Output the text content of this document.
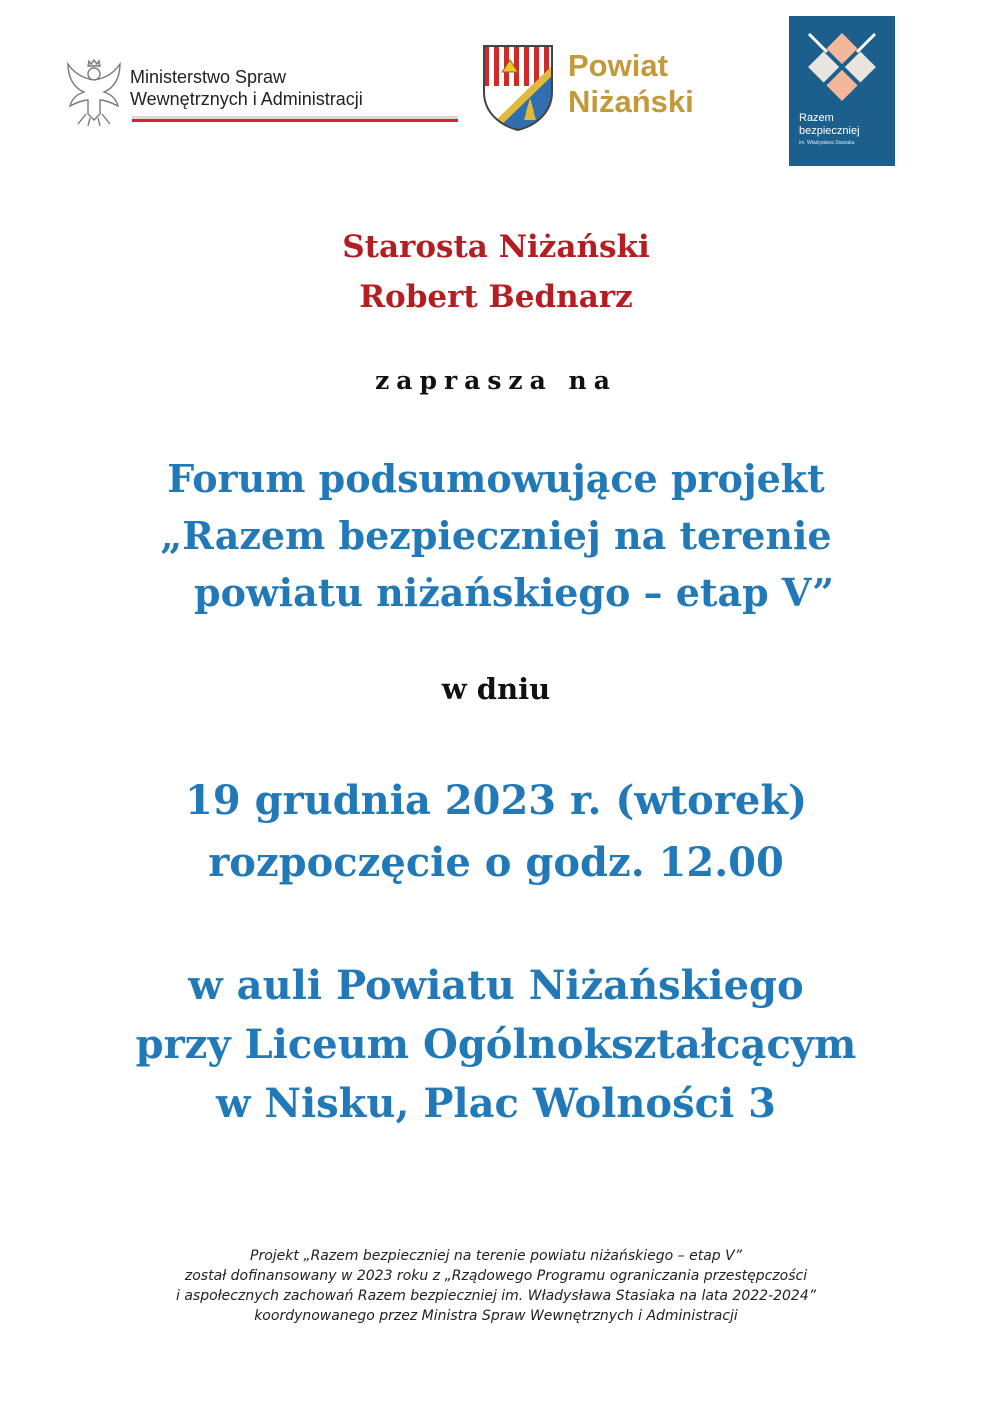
Ministerstwo Spraw
Wewnętrznych i Administracji
Powiat
Niżański	Razem
bezpieczniej
im. Władysława Stasiaka
Starosta Niżański
Robert Bednarz
zaprasza na
Forum podsumowujące projekt
„Razem bezpieczniej na terenie
powiatu niżańskiego – etap V”
w dniu
19 grudnia 2023 r. (wtorek)
rozpoczęcie o godz. 12.00
w auli Powiatu Niżańskiego
przy Liceum Ogólnokształcącym
w Nisku, Plac Wolności 3
Projekt „Razem bezpieczniej na terenie powiatu niżańskiego – etap V”
został dofinansowany w 2023 roku z „Rządowego Programu ograniczania przestępczości
i aspołecznych zachowań Razem bezpieczniej im. Władysława Stasiaka na lata 2022-2024”
koordynowanego przez Ministra Spraw Wewnętrznych i Administracji
